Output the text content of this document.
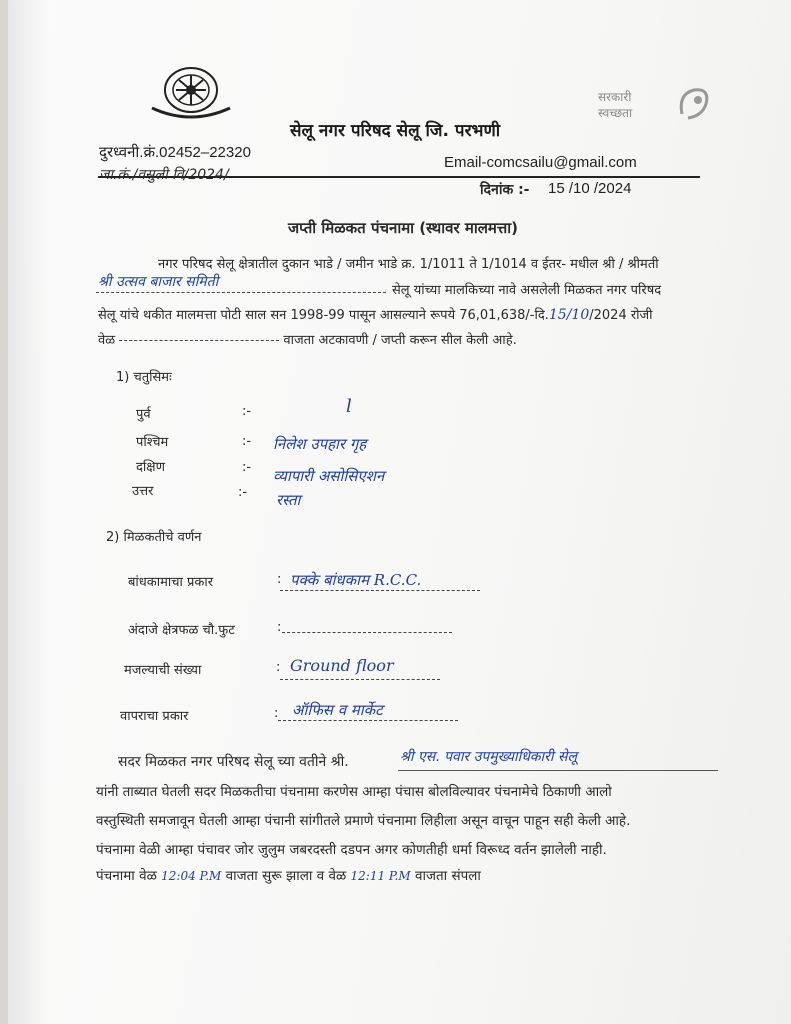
सेलू नगर परिषद सेलू जि. परभणी
सरकारी
स्वच्छता
दुरध्वनी.क्रं.02452–22320
Email-comcsailu@gmail.com
जा.क्रं./वसुली वि/2024/
दिनांक :- 15 /10 /2024
जप्ती मिळकत पंचनामा (स्थावर मालमत्ता)
नगर परिषद सेलू क्षेत्रातील दुकान भाडे / जमीन भाडे क्र. 1/1011 ते 1/1014 व ईतर- मधील श्री / श्रीमती
श्री उत्सव बाजार समिती
सेलू यांच्या मालकिच्या नावे असलेली मिळकत नगर परिषद
सेलू यांचे थकीत मालमत्ता पोटी साल सन 1998-99 पासून आसल्याने रूपये 76,01,638/-दि.15/10/2024 रोजी
वेळ	वाजता अटकावणी / जप्ती करून सील केली आहे.
1) चतुसिमः
पुर्व	:-	l
पश्चिम	:- निलेश उपहार गृह
दक्षिण	:- व्यापारी असोसिएशन
उत्तर	:- रस्ता
2) मिळकतीचे वर्णन
बांधकामाचा प्रकार	: पक्के बांधकाम R.C.C.
अंदाजे क्षेत्रफळ चौ.फुट	:
मजल्याची संख्या	: Ground floor
वापराचा प्रकार	: ऑफिस व मार्केट
सदर मिळकत नगर परिषद सेलू च्या वतीने श्री.	श्री एस. पवार उपमुख्याधिकारी सेलू
यांनी ताब्यात घेतली सदर मिळकतीचा पंचनामा करणेस आम्हा पंचास बोलविल्यावर पंचनामेचे ठिकाणी आलो
वस्तुस्थिती समजावून घेतली आम्हा पंचानी सांगीतले प्रमाणे पंचनामा लिहीला असून वाचून पाहून सही केली आहे.
पंचनामा वेळी आम्हा पंचावर जोर जुलुम जबरदस्ती दडपन अगर कोणतीही धर्मा विरूध्द वर्तन झालेली नाही.
पंचनामा वेळ 12:04 P.M वाजता सुरू झाला व वेळ 12:11 P.M वाजता संपला
